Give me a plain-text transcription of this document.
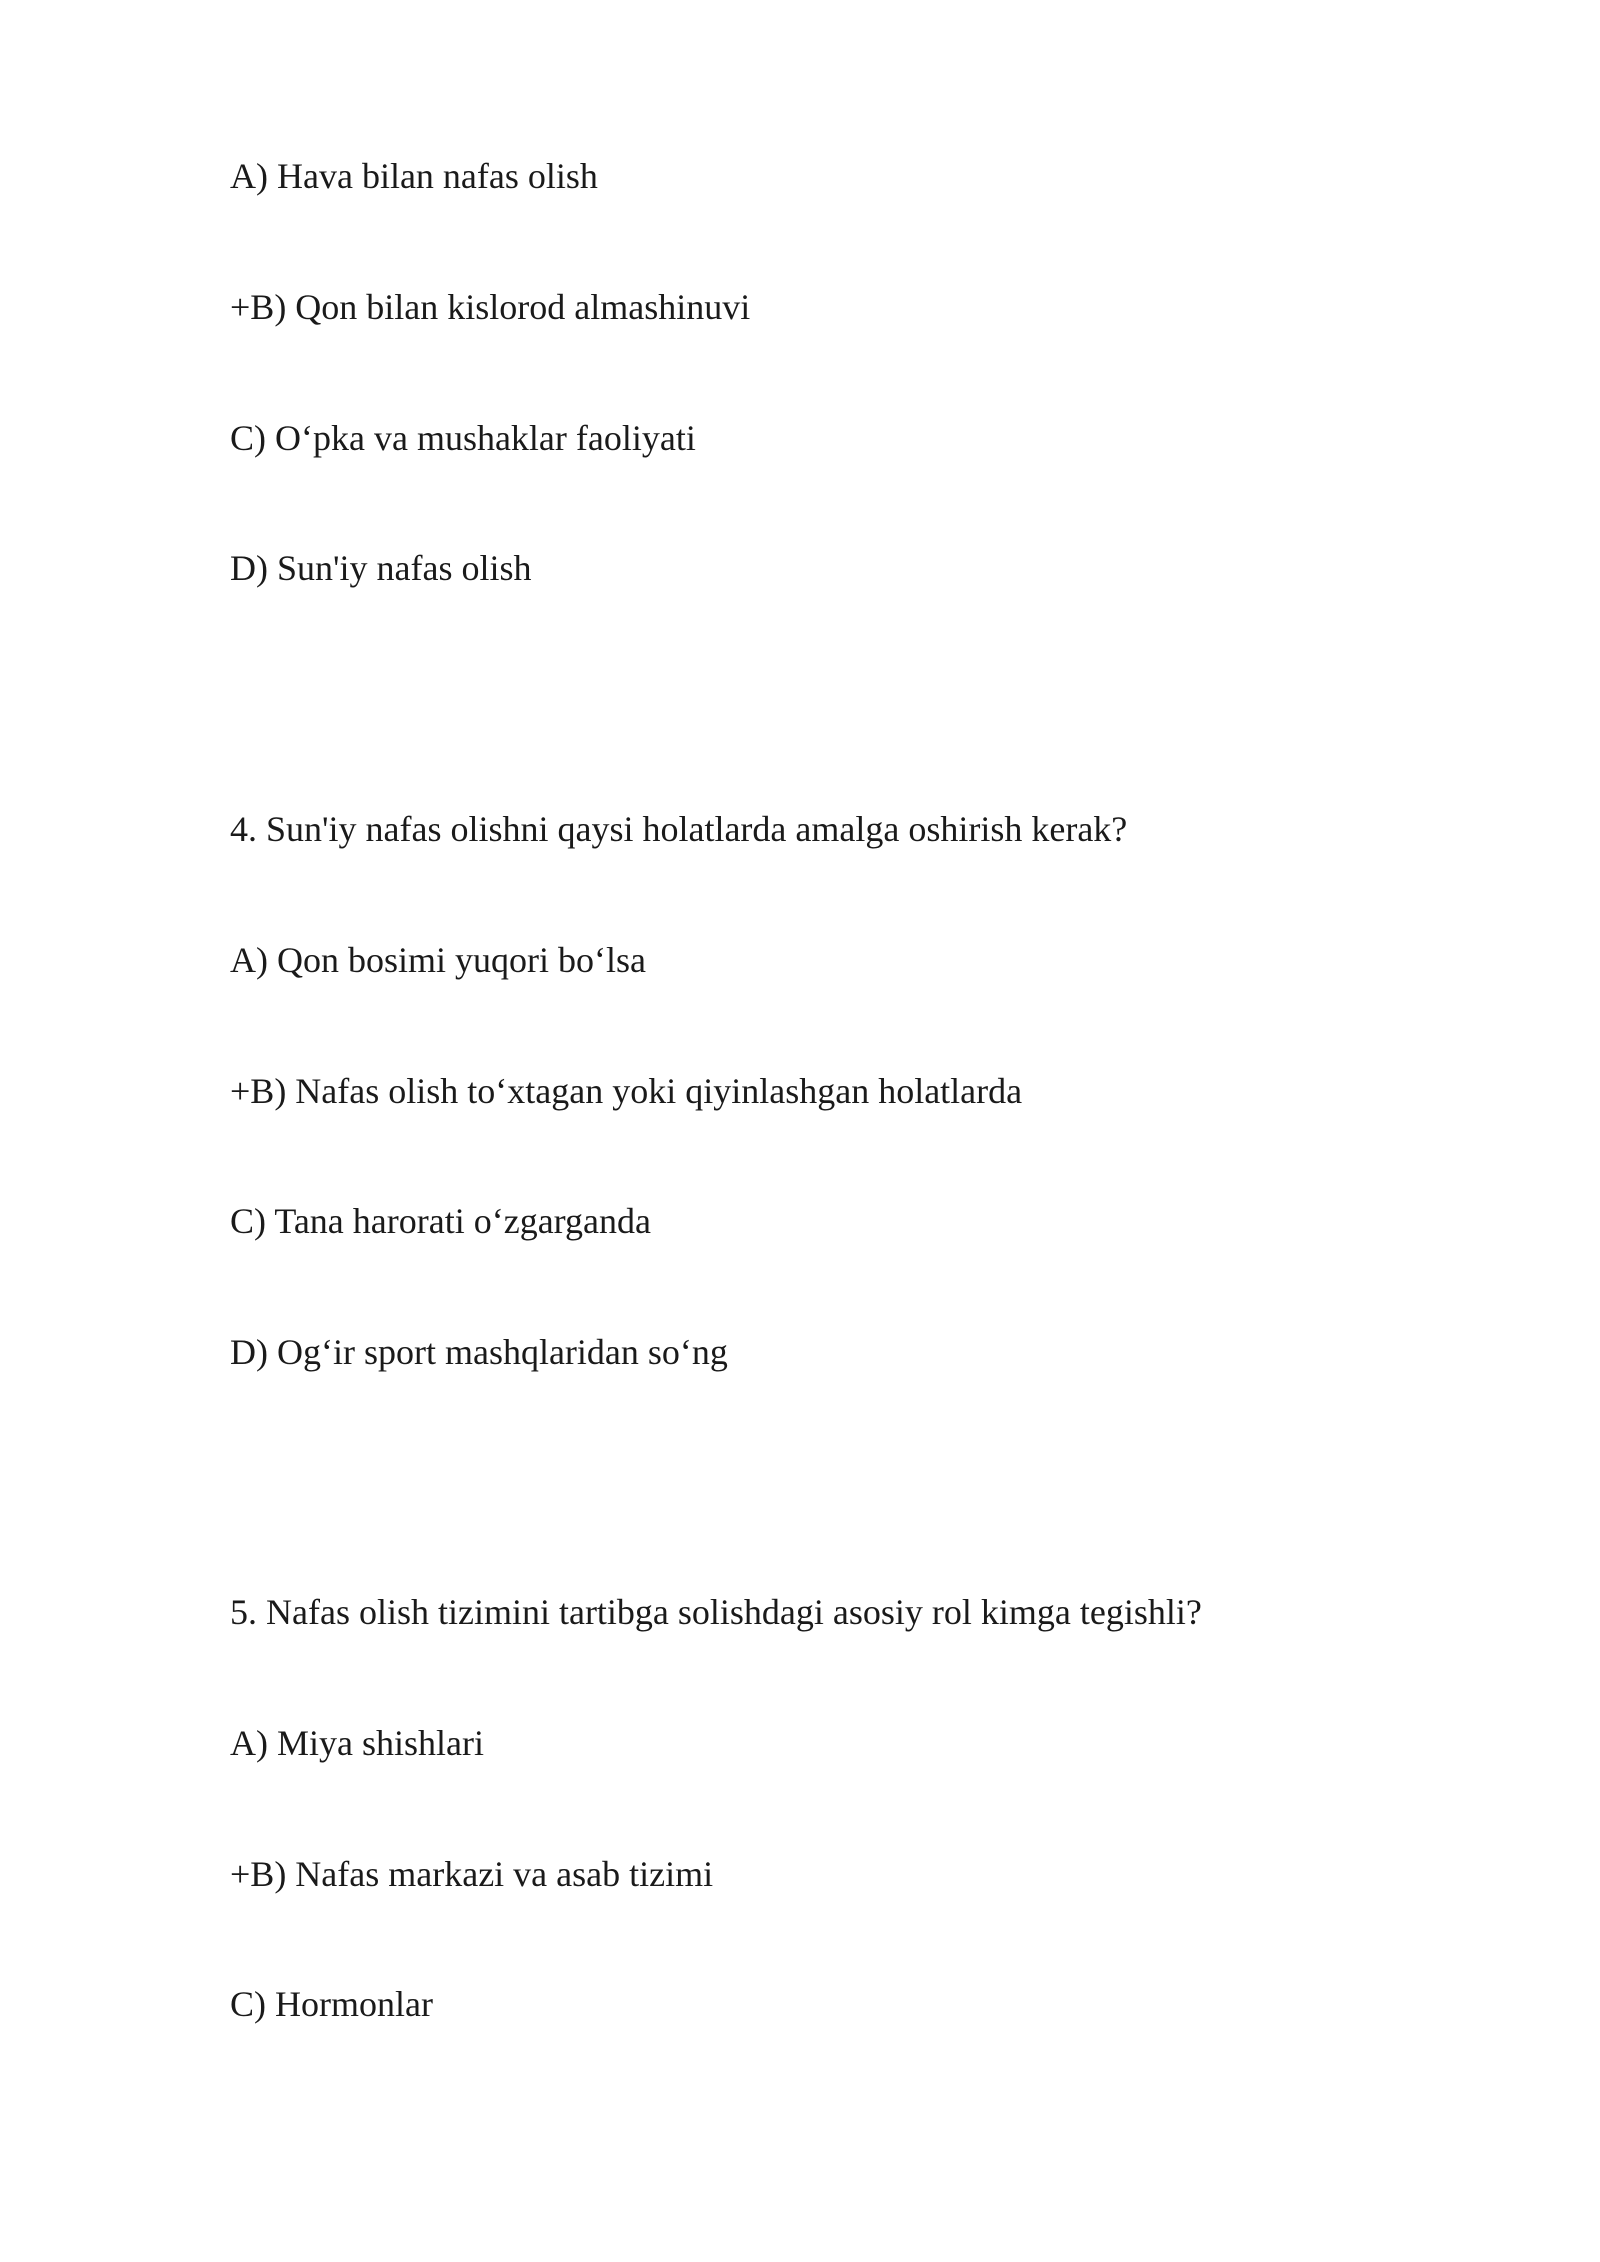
A) Hava bilan nafas olish

+B) Qon bilan kislorod almashinuvi

C) O‘pka va mushaklar faoliyati

D) Sun'iy nafas olish

4. Sun'iy nafas olishni qaysi holatlarda amalga oshirish kerak?

A) Qon bosimi yuqori bo‘lsa

+B) Nafas olish to‘xtagan yoki qiyinlashgan holatlarda

C) Tana harorati o‘zgarganda

D) Og‘ir sport mashqlaridan so‘ng

5. Nafas olish tizimini tartibga solishdagi asosiy rol kimga tegishli?

A) Miya shishlari

+B) Nafas markazi va asab tizimi

C) Hormonlar
